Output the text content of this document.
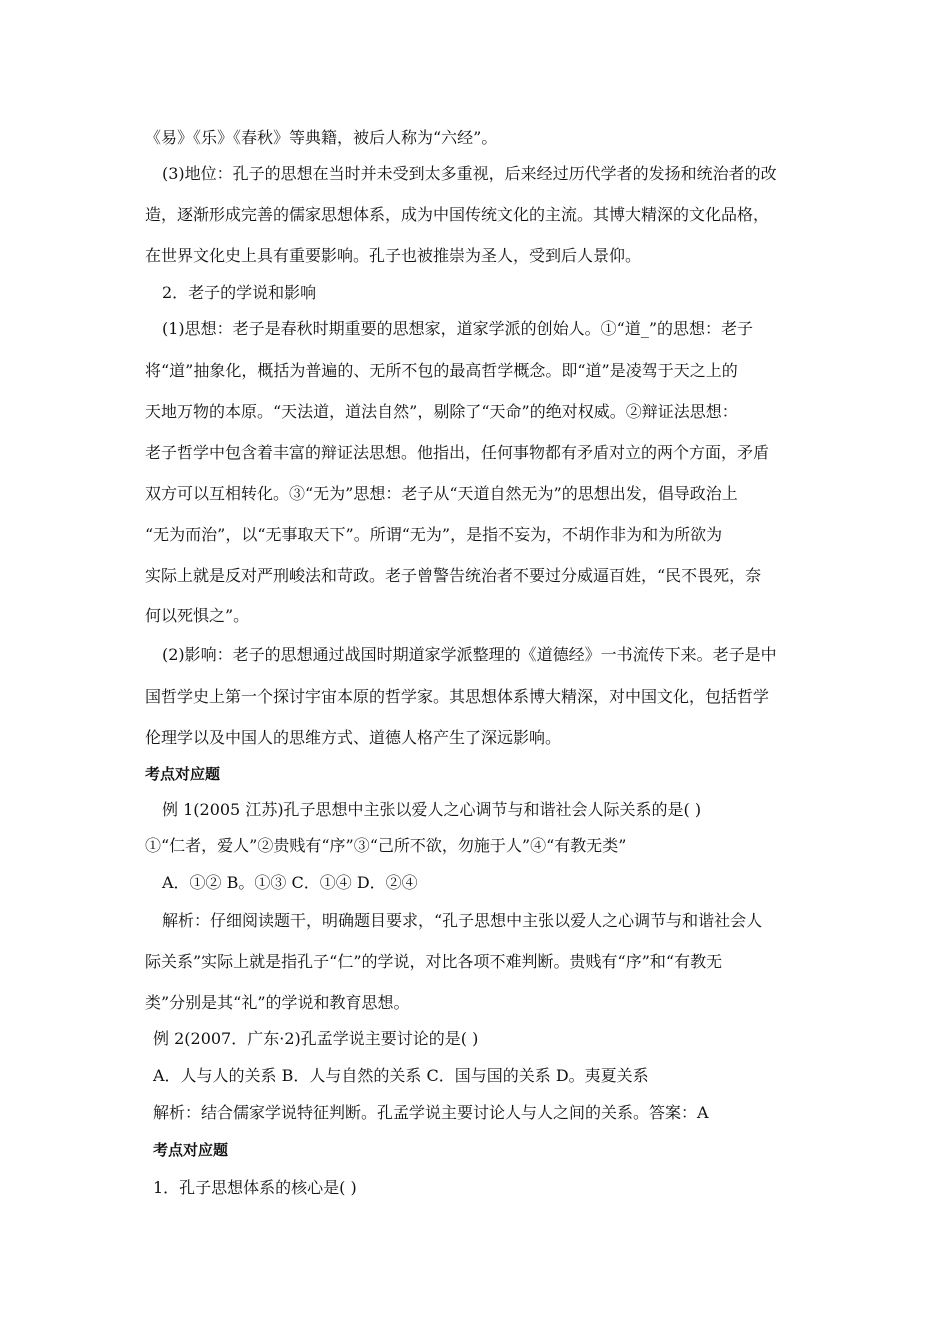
《易》《乐》《春秋》等典籍，被后人称为“六经”。
(3)地位：孔子的思想在当时并未受到太多重视，后来经过历代学者的发扬和统治者的改
造，逐渐形成完善的儒家思想体系，成为中国传统文化的主流。其博大精深的文化品格，
在世界文化史上具有重要影响。孔子也被推崇为圣人，受到后人景仰。
2．老子的学说和影响
(1)思想：老子是春秋时期重要的思想家，道家学派的创始人。①“道_”的思想：老子
将“道”抽象化，概括为普遍的、无所不包的最高哲学概念。即“道”是凌驾于天之上的
天地万物的本原。“天法道，道法自然”，剔除了“天命”的绝对权威。②辩证法思想：
老子哲学中包含着丰富的辩证法思想。他指出，任何事物都有矛盾对立的两个方面，矛盾
双方可以互相转化。③“无为”思想：老子从“天道自然无为”的思想出发，倡导政治上
“无为而治”，以“无事取天下”。所谓“无为”，是指不妄为，不胡作非为和为所欲为
实际上就是反对严刑峻法和苛政。老子曾警告统治者不要过分威逼百姓，“民不畏死，奈
何以死惧之”。
(2)影响：老子的思想通过战国时期道家学派整理的《道德经》一书流传下来。老子是中
国哲学史上第一个探讨宇宙本原的哲学家。其思想体系博大精深，对中国文化，包括哲学
伦理学以及中国人的思维方式、道德人格产生了深远影响。
考点对应题
例 1(2005 江苏)孔子思想中主张以爱人之心调节与和谐社会人际关系的是( )
①“仁者，爱人”②贵贱有“序”③“己所不欲，勿施于人”④“有教无类”
A．①② B。①③ C．①④ D．②④
解析：仔细阅读题干，明确题目要求，“孔子思想中主张以爱人之心调节与和谐社会人
际关系”实际上就是指孔子“仁”的学说，对比各项不难判断。贵贱有“序”和“有教无
类”分别是其“礼”的学说和教育思想。
例 2(2007．广东·2)孔孟学说主要讨论的是( )
A．人与人的关系 B．人与自然的关系 C．国与国的关系 D。夷夏关系
解析：结合儒家学说特征判断。孔孟学说主要讨论人与人之间的关系。答案：A
考点对应题
1．孔子思想体系的核心是( )
